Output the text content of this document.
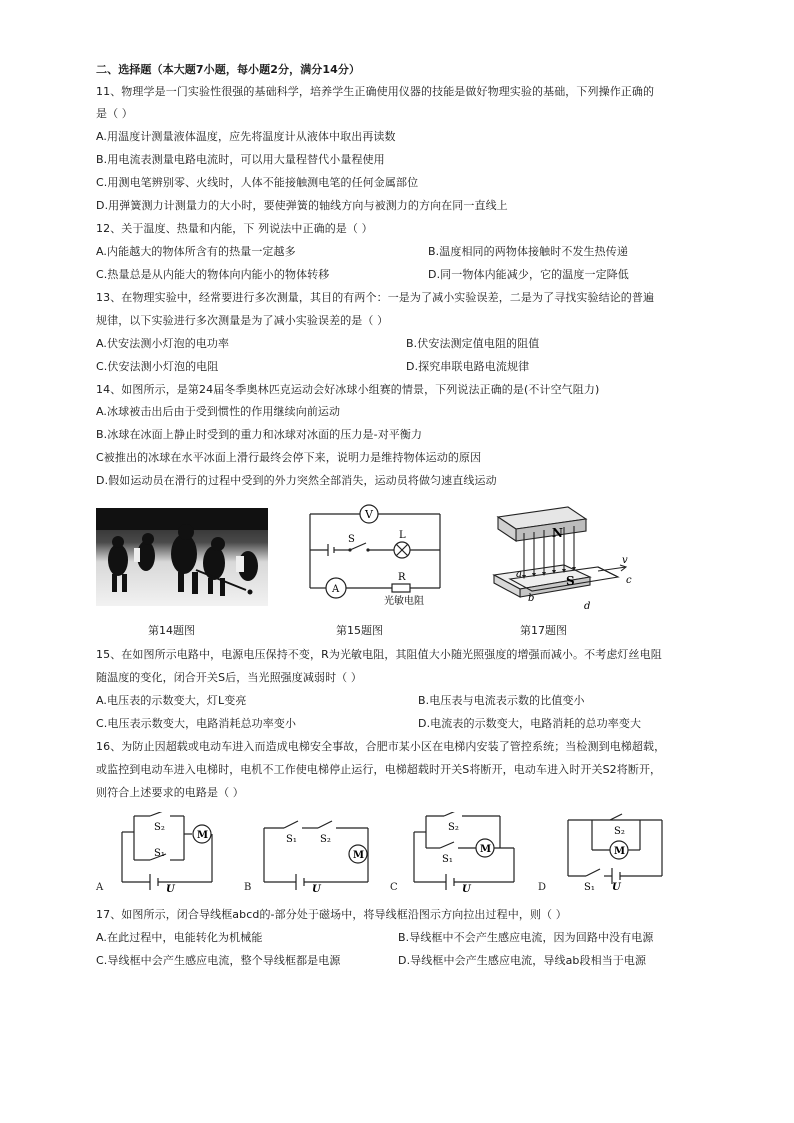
二、选择题（本大题7小题，每小题2分，满分14分）
11、物理学是一门实验性很强的基础科学，培养学生正确使用仪器的技能是做好物理实验的基础，下列操作正确的
是（ ）
A.用温度计测量液体温度，应先将温度计从液体中取出再读数
B.用电流表测量电路电流时，可以用大量程替代小量程使用
C.用测电笔辨别零、火线时，人体不能接触测电笔的任何金属部位
D.用弹簧测力计测量力的大小时，要使弹簧的轴线方向与被测力的方向在同一直线上
12、关于温度、热量和内能，下 列说法中正确的是（ ）
A.内能越大的物体所含有的热量一定越多	B.温度相同的两物体接触时不发生热传递
C.热量总是从内能大的物体向内能小的物体转移	D.同一物体内能减少，它的温度一定降低
13、在物理实验中，经常要进行多次测量，其目的有两个：一是为了减小实验误差，二是为了寻找实验结论的普遍
规律，以下实验进行多次测量是为了减小实验误差的是（ ）
A.伏安法测小灯泡的电功率	B.伏安法测定值电阻的阻值
C.伏安法测小灯泡的电阻	D.探究串联电路电流规律
14、如图所示，是第24届冬季奥林匹克运动会好冰球小组赛的情景，下列说法正确的是(不计空气阻力)
A.冰球被击出后由于受到惯性的作用继续向前运动
B.冰球在冰面上静止时受到的重力和冰球对冰面的压力是-对平衡力
C被推出的冰球在水平冰面上滑行最终会停下来，说明力是维持物体运动的原因
D.假如运动员在滑行的过程中受到的外力突然全部消失，运动员将做匀速直线运动
V
S	L
A
R
光敏电阻
N
S
a
b
c
d
v
第14题图	第15题图	第17题图
15、在如图所示电路中，电源电压保持不变，R为光敏电阻，其阻值大小随光照强度的增强而减小。不考虑灯丝电阻
随温度的变化，闭合开关S后，当光照强度减弱时（ ）
A.电压表的示数变大，灯L变亮	B.电压表与电流表示数的比值变小
C.电压表示数变大，电路消耗总功率变小	D.电流表的示数变大，电路消耗的总功率变大
16、为防止因超载或电动车进入而造成电梯安全事故，合肥市某小区在电梯内安装了管控系统；当检测到电梯超载，
或监控到电动车进入电梯时，电机不工作使电梯停止运行，电梯超载时开关S将断开，电动车进入时开关S2将断开，
则符合上述要求的电路是（ ）
S₂
S₁
M
U
A
S₁ S₂
M
U
B
S₂
S₁
M
U
C
S₂
S₁
M
U
D
17、如图所示，闭合导线框abcd的-部分处于磁场中，将导线框沿图示方向拉出过程中，则（ ）
A.在此过程中，电能转化为机械能	B.导线框中不会产生感应电流，因为回路中没有电源
C.导线框中会产生感应电流，整个导线框都是电源	D.导线框中会产生感应电流，导线ab段相当于电源
